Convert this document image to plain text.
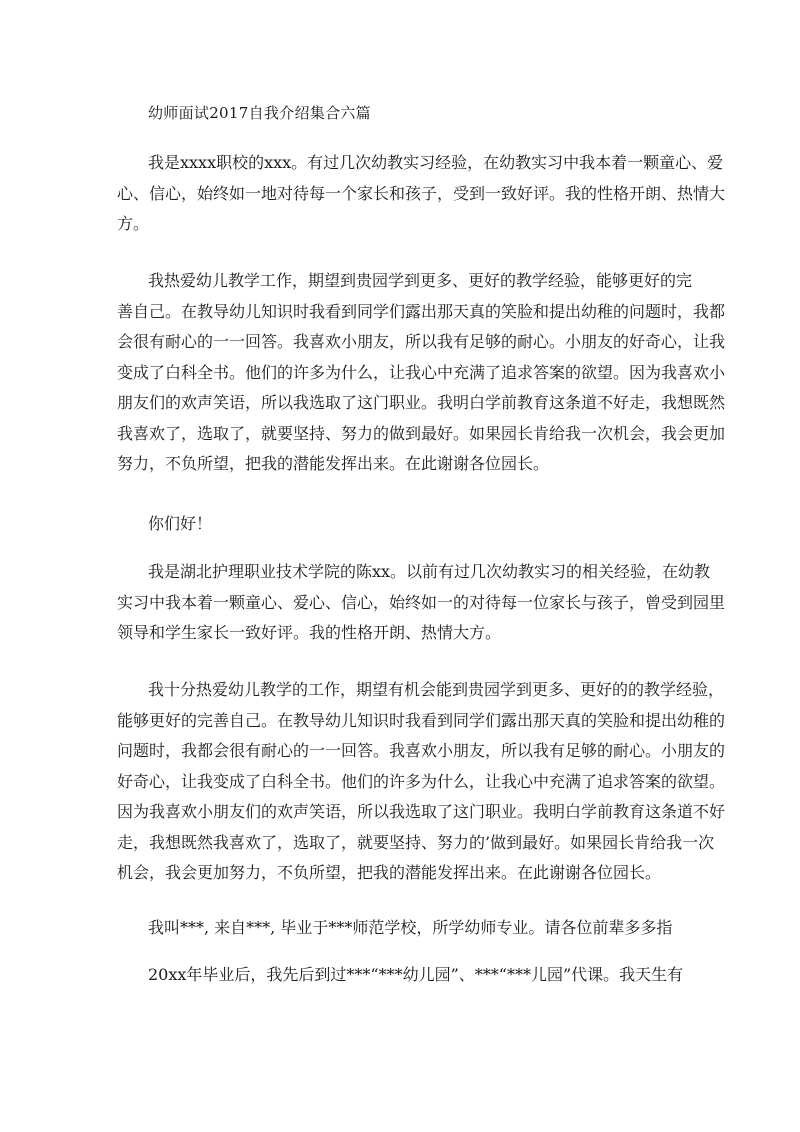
幼师面试2017自我介绍集合六篇
我是xxxx职校的xxx。有过几次幼教实习经验，在幼教实习中我本着一颗童心、爱
心、信心，始终如一地对待每一个家长和孩子，受到一致好评。我的性格开朗、热情大
方。
我热爱幼儿教学工作，期望到贵园学到更多、更好的教学经验，能够更好的完
善自己。在教导幼儿知识时我看到同学们露出那天真的笑脸和提出幼稚的问题时，我都
会很有耐心的一一回答。我喜欢小朋友，所以我有足够的耐心。小朋友的好奇心，让我
变成了白科全书。他们的许多为什么，让我心中充满了追求答案的欲望。因为我喜欢小
朋友们的欢声笑语，所以我选取了这门职业。我明白学前教育这条道不好走，我想既然
我喜欢了，选取了，就要坚持、努力的做到最好。如果园长肯给我一次机会，我会更加
努力，不负所望，把我的潜能发挥出来。在此谢谢各位园长。
你们好！
我是湖北护理职业技术学院的陈xx。以前有过几次幼教实习的相关经验，在幼教
实习中我本着一颗童心、爱心、信心，始终如一的对待每一位家长与孩子，曾受到园里
领导和学生家长一致好评。我的性格开朗、热情大方。
我十分热爱幼儿教学的工作，期望有机会能到贵园学到更多、更好的的教学经验，
能够更好的完善自己。在教导幼儿知识时我看到同学们露出那天真的笑脸和提出幼稚的
问题时，我都会很有耐心的一一回答。我喜欢小朋友，所以我有足够的耐心。小朋友的
好奇心，让我变成了白科全书。他们的许多为什么，让我心中充满了追求答案的欲望。
因为我喜欢小朋友们的欢声笑语，所以我选取了这门职业。我明白学前教育这条道不好
走，我想既然我喜欢了，选取了，就要坚持、努力的’做到最好。如果园长肯给我一次
机会，我会更加努力，不负所望，把我的潜能发挥出来。在此谢谢各位园长。
我叫***, 来自***, 毕业于***师范学校，所学幼师专业。请各位前辈多多指
20xx年毕业后，我先后到过***“***幼儿园”、***“***儿园”代课。我天生有
